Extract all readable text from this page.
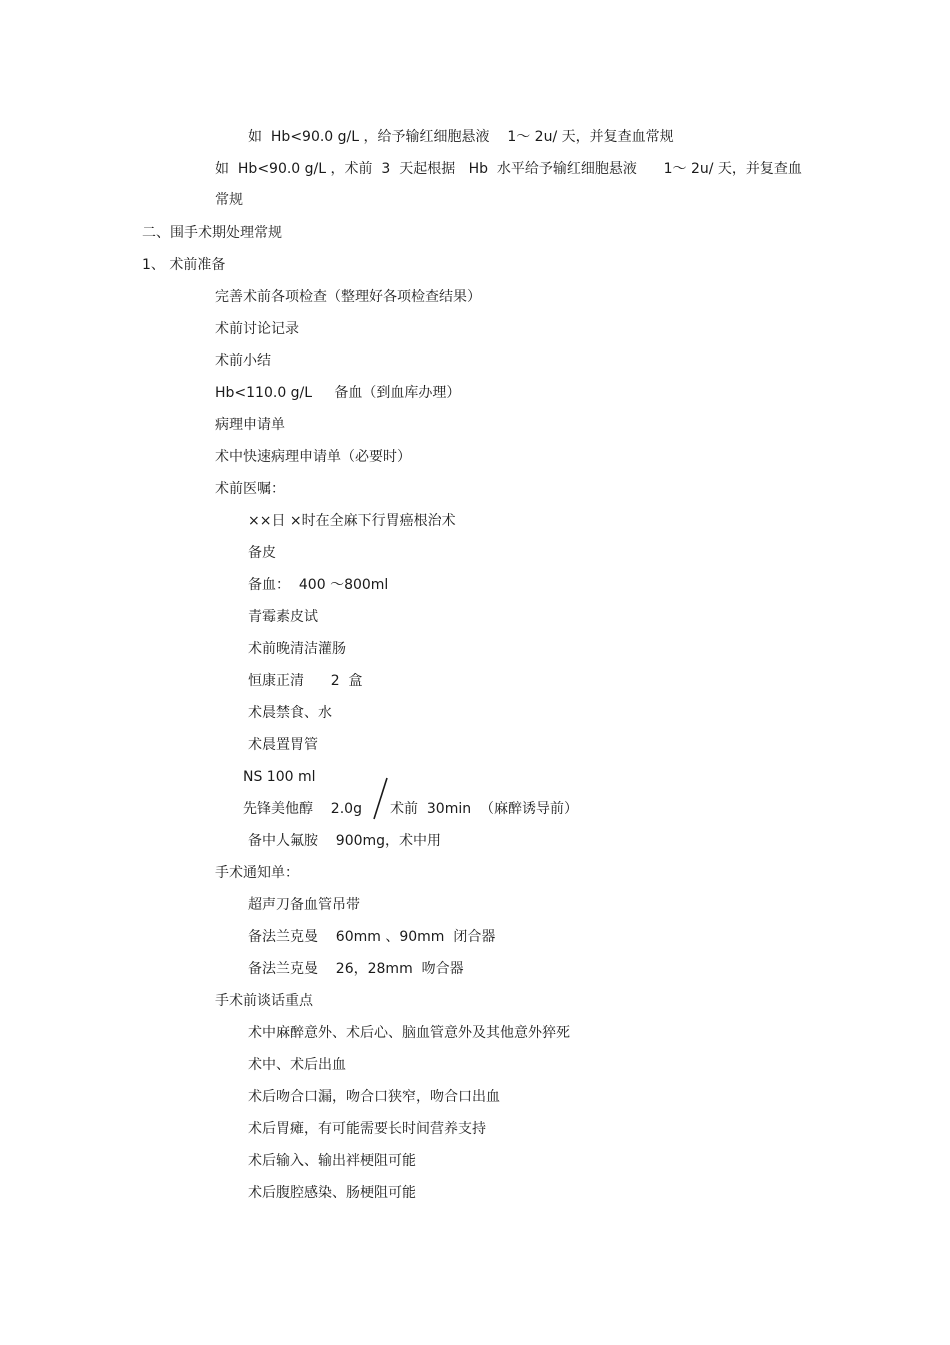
如  Hb<90.0 g/L ，给予输红细胞悬液    1～ 2u/ 天，并复查血常规
如  Hb<90.0 g/L ，术前  3  天起根据   Hb  水平给予输红细胞悬液      1～ 2u/ 天，并复查血
常规
二、围手术期处理常规
1、 术前准备
完善术前各项检查（整理好各项检查结果）
术前讨论记录
术前小结
Hb<110.0 g/L     备血（到血库办理）
病理申请单
术中快速病理申请单（必要时）
术前医嘱：
××日 ×时在全麻下行胃癌根治术
备皮
备血：  400 ～800ml
青霉素皮试
术前晚清洁灌肠
恒康正清      2  盒
术晨禁食、水
术晨置胃管
NS 100 ml
先锋美他醇    2.0g 术前  30min  （麻醉诱导前）
备中人氟胺    900mg，术中用
手术通知单：
超声刀备血管吊带
备法兰克曼    60mm 、90mm  闭合器
备法兰克曼    26，28mm  吻合器
手术前谈话重点
术中麻醉意外、术后心、脑血管意外及其他意外猝死
术中、术后出血
术后吻合口漏，吻合口狭窄，吻合口出血
术后胃瘫，有可能需要长时间营养支持
术后输入、输出袢梗阻可能
术后腹腔感染、肠梗阻可能
